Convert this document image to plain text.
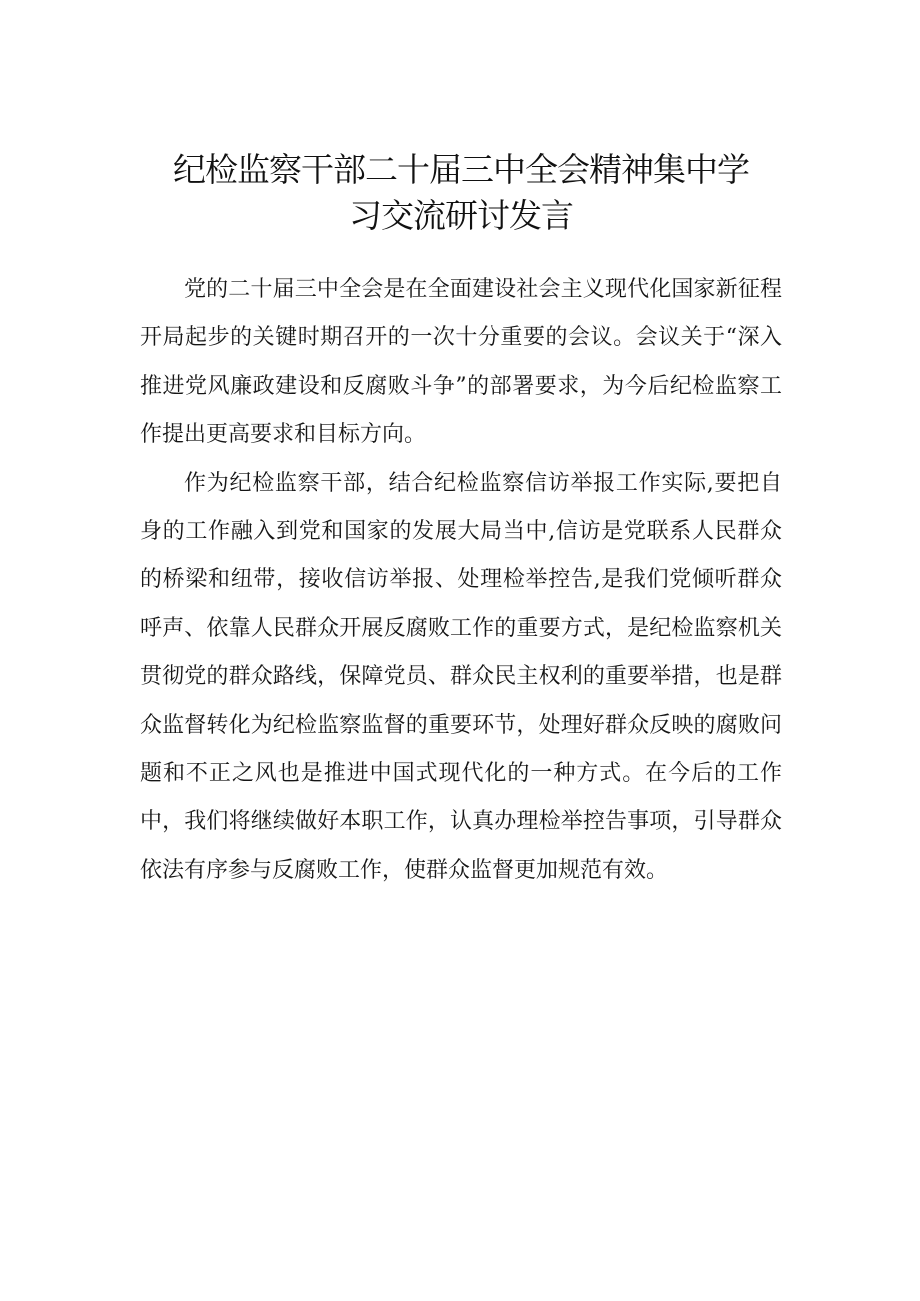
纪检监察干部二十届三中全会精神集中学
习交流研讨发言

党的二十届三中全会是在全面建设社会主义现代化国家新征程开局起步的关键时期召开的一次十分重要的会议。会议关于“深入推进党风廉政建设和反腐败斗争”的部署要求，为今后纪检监察工作提出更高要求和目标方向。

作为纪检监察干部，结合纪检监察信访举报工作实际,要把自身的工作融入到党和国家的发展大局当中,信访是党联系人民群众的桥梁和纽带，接收信访举报、处理检举控告,是我们党倾听群众呼声、依靠人民群众开展反腐败工作的重要方式，是纪检监察机关贯彻党的群众路线，保障党员、群众民主权利的重要举措，也是群众监督转化为纪检监察监督的重要环节，处理好群众反映的腐败问题和不正之风也是推进中国式现代化的一种方式。在今后的工作中，我们将继续做好本职工作，认真办理检举控告事项，引导群众依法有序参与反腐败工作，使群众监督更加规范有效。
